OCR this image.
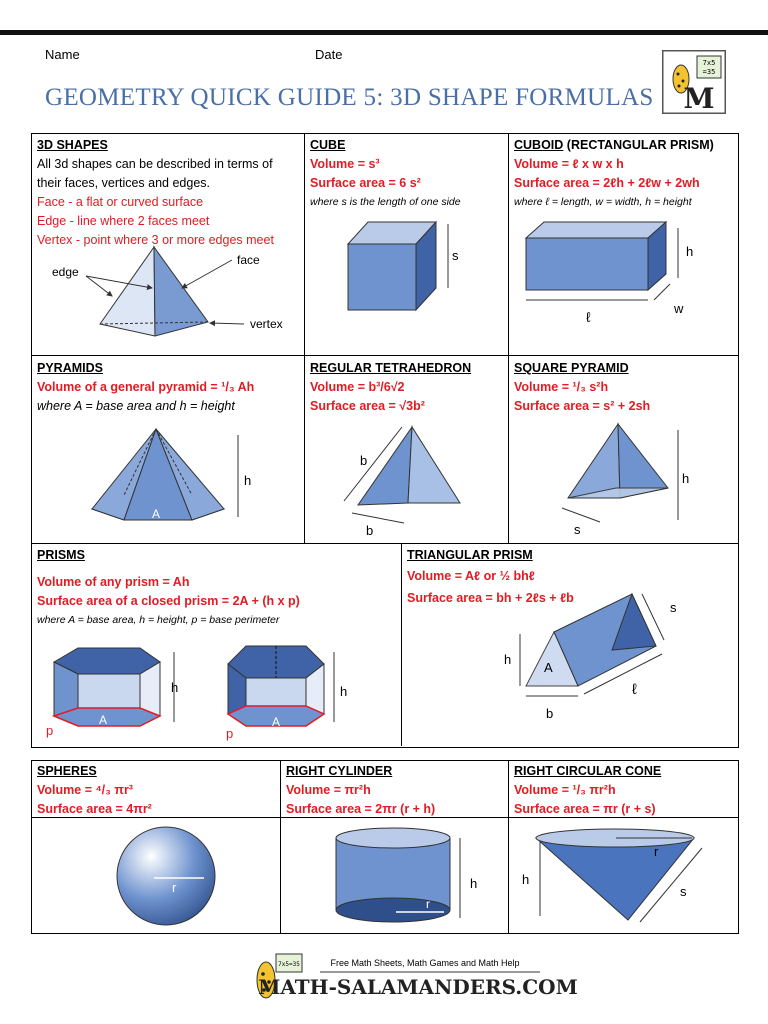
Name	Date
GEOMETRY QUICK GUIDE 5: 3D SHAPE FORMULAS
7x5
=35
M
3D SHAPES
All 3d shapes can be described in terms of their faces, vertices and edges.
Face - a flat or curved surface
Edge - line where 2 faces meet
Vertex - point where 3 or more edges meet
edge
face
vertex
CUBE
Volume = s³
Surface area = 6 s²
where s is the length of one side
s
CUBOID (RECTANGULAR PRISM)
Volume = ℓ x w x h
Surface area = 2ℓh + 2ℓw + 2wh
where ℓ = length, w = width, h = height
h
ℓ
w
PYRAMIDS
Volume of a general pyramid = ¹/₃ Ah
where A = base area and h = height
h
A
REGULAR TETRAHEDRON
Volume = b³/6√2
Surface area = √3b²
b
b
SQUARE PYRAMID
Volume = ¹/₃ s²h
Surface area = s² + 2sh
h
s
PRISMS
Volume of any prism = Ah
Surface area of a closed prism = 2A + (h x p)
where A = base area, h = height, p = base perimeter
h
A
p
h
A
p
TRIANGULAR PRISM
Volume = Aℓ or ½ bhℓ
Surface area = bh + 2ℓs + ℓb
s
h
A
ℓ
b
SPHERES
Volume = ⁴/₃ πr³
Surface area = 4πr²
r
RIGHT CYLINDER
Volume = πr²h
Surface area = 2πr (r + h)
h
r
RIGHT CIRCULAR CONE
Volume = ¹/₃ πr²h
Surface area = πr (r + s)
r
h
s
7x5=35	Free Math Sheets, Math Games and Math Help
MATH-SALAMANDERS.COM
